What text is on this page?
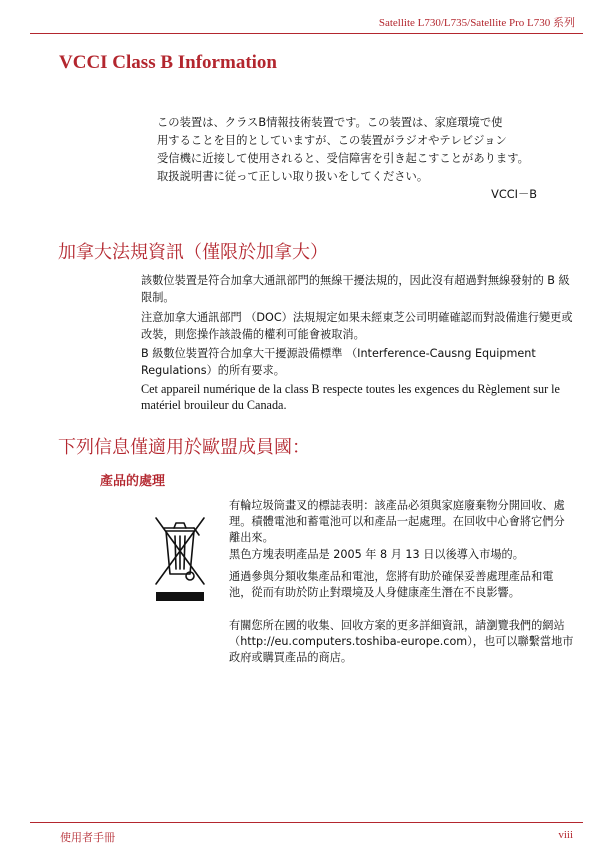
Satellite L730/L735/Satellite Pro L730 系列
VCCI Class B Information
この装置は、クラスB情報技術装置です。この装置は、家庭環境で使
用することを目的としていますが、この装置がラジオやテレビジョン
受信機に近接して使用されると、受信障害を引き起こすことがあります。
取扱説明書に従って正しい取り扱いをしてください。
VCCI－B
加拿大法規資訊（僅限於加拿大）
該數位裝置是符合加拿大通訊部門的無線干擾法規的，因此沒有超過對無線發射的 B 級限制。
注意加拿大通訊部門 （DOC）法規規定如果未經東芝公司明確確認而對設備進行變更或改裝，則您操作該設備的權利可能會被取消。
B 級數位裝置符合加拿大干擾源設備標準 （Interference-Causng Equipment Regulations）的所有要求。
Cet appareil numérique de la class B respecte toutes les exgences du Règlement sur le matériel brouileur du Canada.
下列信息僅適用於歐盟成員國：
產品的處理
有輪垃圾筒畫叉的標誌表明：該產品必須與家庭廢棄物分開回收、處理。積體電池和蓄電池可以和產品一起處理。在回收中心會將它們分離出來。
黑色方塊表明產品是 2005 年 8 月 13 日以後導入市場的。
通過參與分類收集產品和電池，您將有助於確保妥善處理產品和電池，從而有助於防止對環境及人身健康產生潛在不良影響。
有關您所在國的收集、回收方案的更多詳細資訊，請瀏覽我們的網站 （http://eu.computers.toshiba-europe.com），也可以聯繫當地市政府或購買產品的商店。
使用者手冊	viii
